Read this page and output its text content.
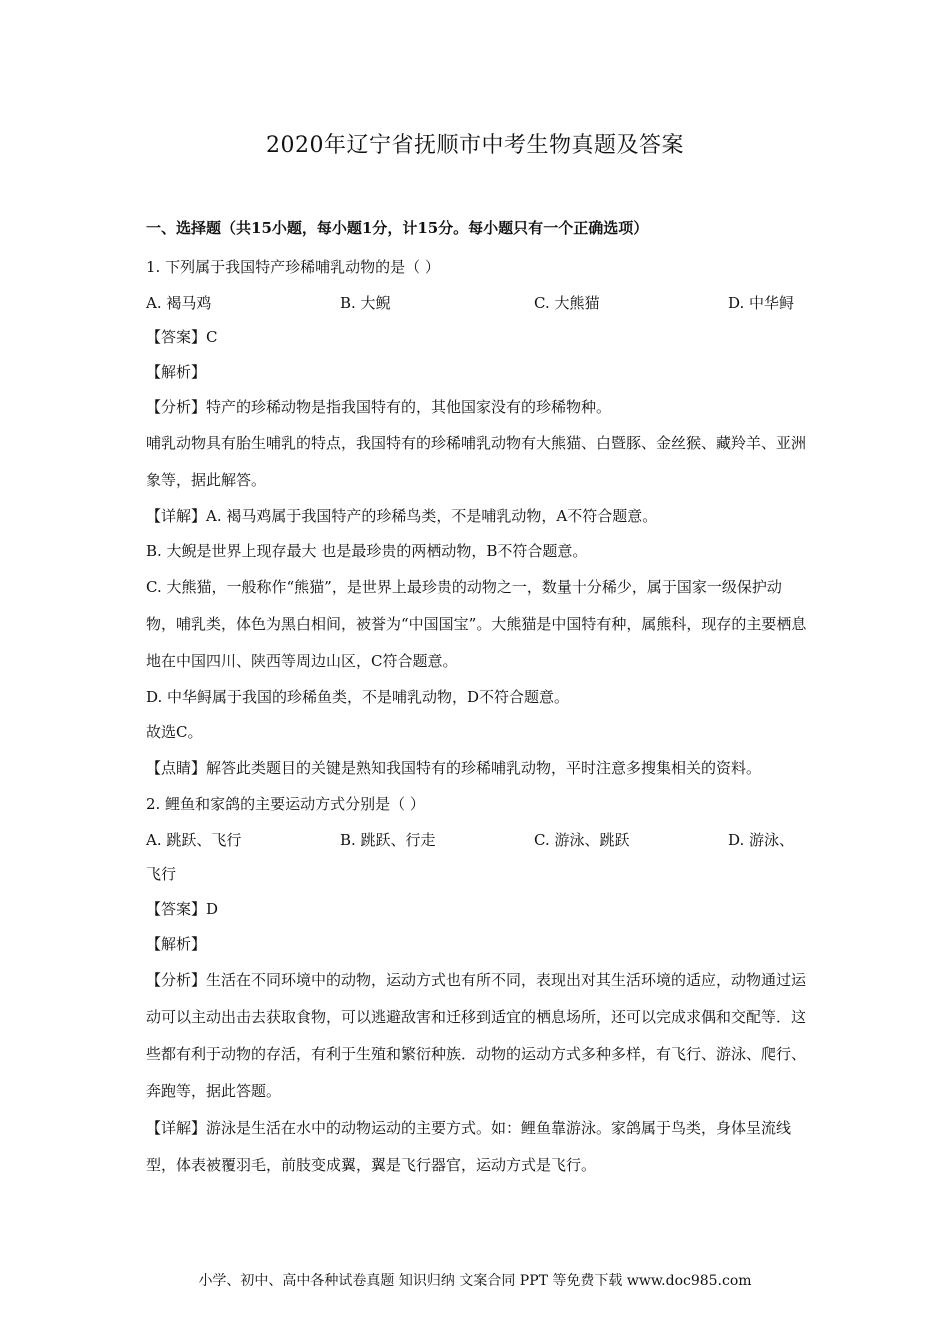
2020年辽宁省抚顺市中考生物真题及答案
一、选择题（共15小题，每小题1分，计15分。每小题只有一个正确选项）

1. 下列属于我国特产珍稀哺乳动物的是（ ）

A. 褐马鸡	B. 大鲵	C. 大熊猫	D. 中华鲟

【答案】C

【解析】

【分析】特产的珍稀动物是指我国特有的，其他国家没有的珍稀物种。

哺乳动物具有胎生哺乳的特点，我国特有的珍稀哺乳动物有大熊猫、白暨豚、金丝猴、藏羚羊、亚洲象等，据此解答。

【详解】A. 褐马鸡属于我国特产的珍稀鸟类，不是哺乳动物，A不符合题意。

B. 大鲵是世界上现存最大 也是最珍贵的两栖动物，B不符合题意。

C. 大熊猫，一般称作“熊猫”，是世界上最珍贵的动物之一，数量十分稀少，属于国家一级保护动物，哺乳类，体色为黑白相间，被誉为“中国国宝”。大熊猫是中国特有种，属熊科，现存的主要栖息地在中国四川、陕西等周边山区，C符合题意。

D. 中华鲟属于我国的珍稀鱼类，不是哺乳动物，D不符合题意。

故选C。

【点睛】解答此类题目的关键是熟知我国特有的珍稀哺乳动物，平时注意多搜集相关的资料。

2. 鲤鱼和家鸽的主要运动方式分别是（ ）

A. 跳跃、飞行	B. 跳跃、行走	C. 游泳、跳跃	D. 游泳、

飞行

【答案】D

【解析】

【分析】生活在不同环境中的动物，运动方式也有所不同，表现出对其生活环境的适应，动物通过运动可以主动出击去获取食物，可以逃避敌害和迁移到适宜的栖息场所，还可以完成求偶和交配等．这些都有利于动物的存活，有利于生殖和繁衍种族．动物的运动方式多种多样，有飞行、游泳、爬行、奔跑等，据此答题。

【详解】游泳是生活在水中的动物运动的主要方式。如：鲤鱼靠游泳。家鸽属于鸟类，身体呈流线型，体表被覆羽毛，前肢变成翼，翼是飞行器官，运动方式是飞行。

小学、初中、高中各种试卷真题 知识归纳 文案合同 PPT 等免费下载 www.doc985.com
